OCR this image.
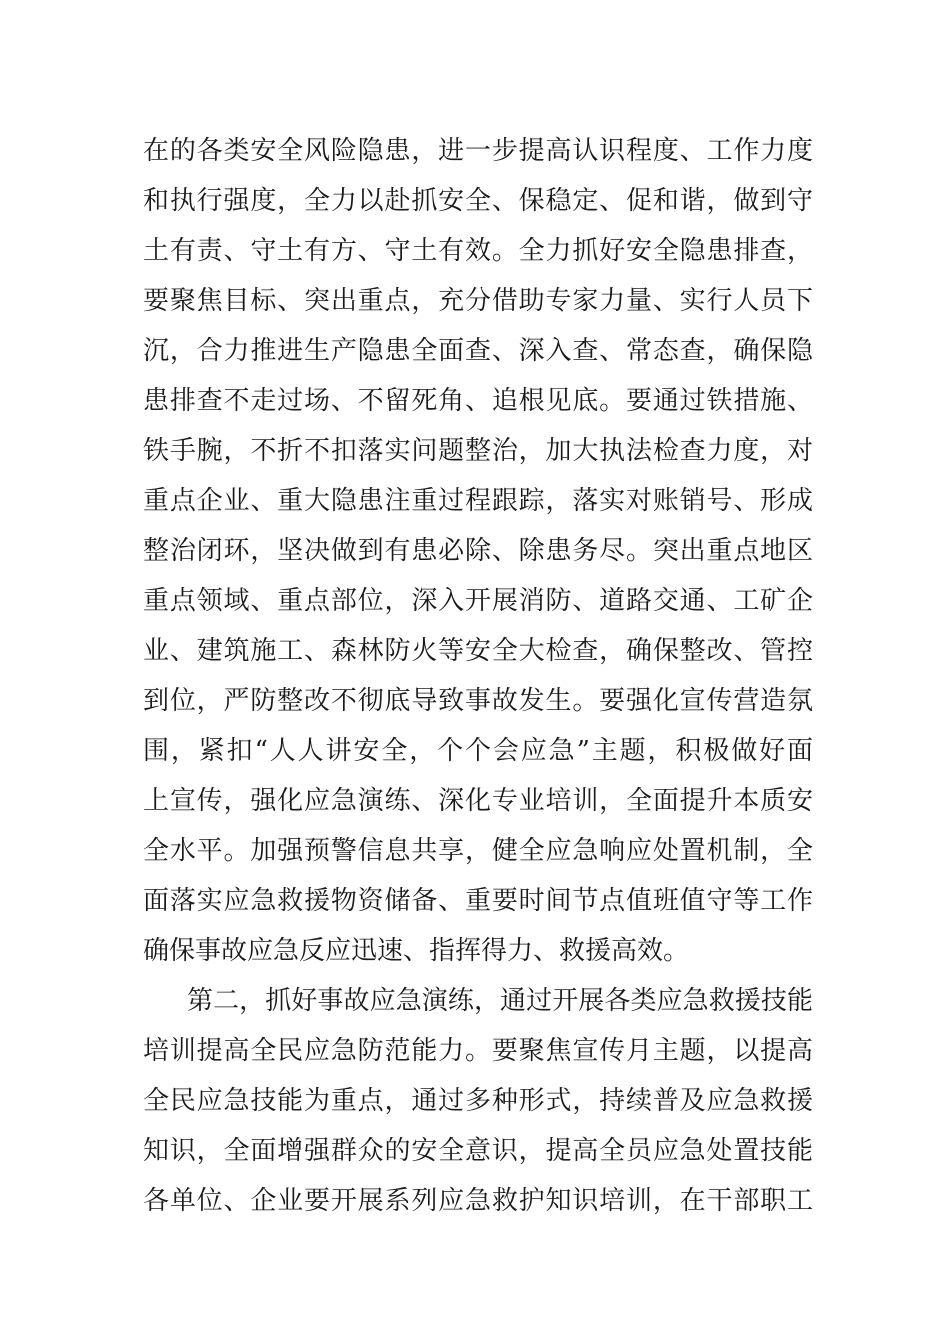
在的各类安全风险隐患，进一步提高认识程度、工作力度
和执行强度，全力以赴抓安全、保稳定、促和谐，做到守
土有责、守土有方、守土有效。全力抓好安全隐患排查，
要聚焦目标、突出重点，充分借助专家力量、实行人员下
沉，合力推进生产隐患全面查、深入查、常态查，确保隐
患排查不走过场、不留死角、追根见底。要通过铁措施、
铁手腕，不折不扣落实问题整治，加大执法检查力度，对
重点企业、重大隐患注重过程跟踪，落实对账销号、形成
整治闭环，坚决做到有患必除、除患务尽。突出重点地区
重点领域、重点部位，深入开展消防、道路交通、工矿企
业、建筑施工、森林防火等安全大检查，确保整改、管控
到位，严防整改不彻底导致事故发生。要强化宣传营造氛
围，紧扣“人人讲安全，个个会应急”主题，积极做好面
上宣传，强化应急演练、深化专业培训，全面提升本质安
全水平。加强预警信息共享，健全应急响应处置机制，全
面落实应急救援物资储备、重要时间节点值班值守等工作
确保事故应急反应迅速、指挥得力、救援高效。
第二，抓好事故应急演练，通过开展各类应急救援技能
培训提高全民应急防范能力。要聚焦宣传月主题，以提高
全民应急技能为重点，通过多种形式，持续普及应急救援
知识，全面增强群众的安全意识，提高全员应急处置技能
各单位、企业要开展系列应急救护知识培训，在干部职工
